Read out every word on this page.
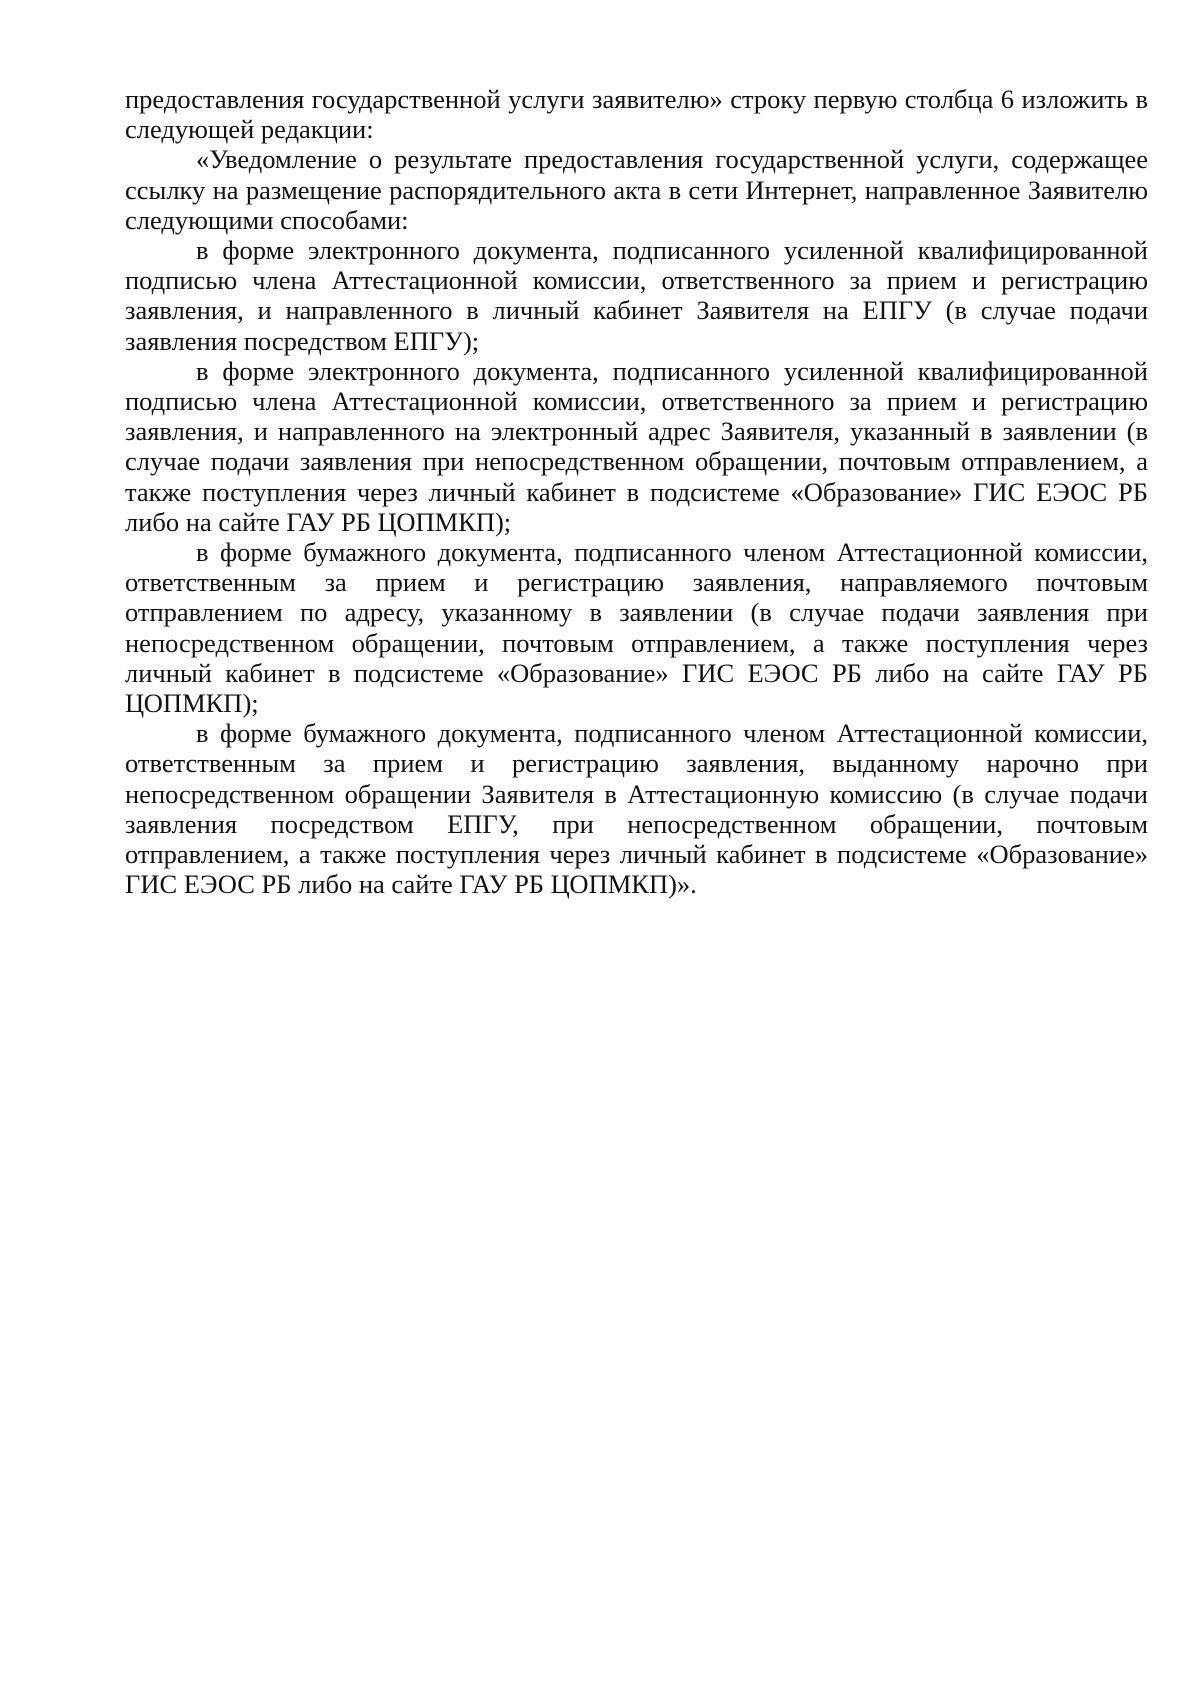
предоставления государственной услуги заявителю» строку первую столбца 6 изложить в следующей редакции:

«Уведомление о результате предоставления государственной услуги, содержащее ссылку на размещение распорядительного акта в сети Интернет, направленное Заявителю следующими способами:

в форме электронного документа, подписанного усиленной квалифицированной подписью члена Аттестационной комиссии, ответственного за прием и регистрацию заявления, и направленного в личный кабинет Заявителя на ЕПГУ (в случае подачи заявления посредством ЕПГУ);

в форме электронного документа, подписанного усиленной квалифицированной подписью члена Аттестационной комиссии, ответственного за прием и регистрацию заявления, и направленного на электронный адрес Заявителя, указанный в заявлении (в случае подачи заявления при непосредственном обращении, почтовым отправлением, а также поступления через личный кабинет в подсистеме «Образование» ГИС ЕЭОС РБ либо на сайте ГАУ РБ ЦОПМКП);

в форме бумажного документа, подписанного членом Аттестационной комиссии, ответственным за прием и регистрацию заявления, направляемого почтовым отправлением по адресу, указанному в заявлении (в случае подачи заявления при непосредственном обращении, почтовым отправлением, а также поступления через личный кабинет в подсистеме «Образование» ГИС ЕЭОС РБ либо на сайте ГАУ РБ ЦОПМКП);

в форме бумажного документа, подписанного членом Аттестационной комиссии, ответственным за прием и регистрацию заявления, выданному нарочно при непосредственном обращении Заявителя в Аттестационную комиссию (в случае подачи заявления посредством ЕПГУ, при непосредственном обращении, почтовым отправлением, а также поступления через личный кабинет в подсистеме «Образование» ГИС ЕЭОС РБ либо на сайте ГАУ РБ ЦОПМКП)».
